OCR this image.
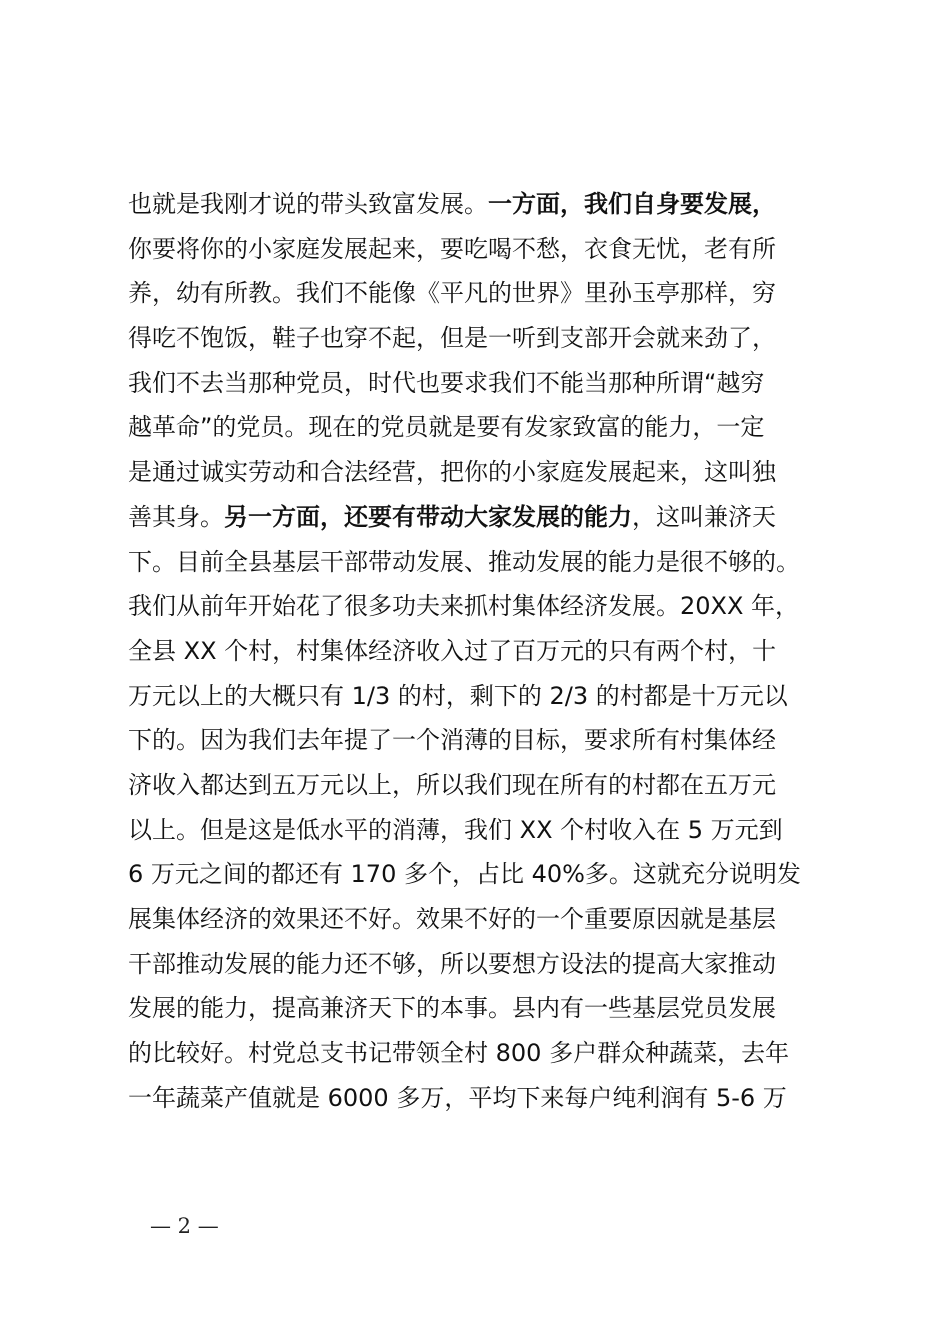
也就是我刚才说的带头致富发展。一方面，我们自身要发展，
你要将你的小家庭发展起来，要吃喝不愁，衣食无忧，老有所
养，幼有所教。我们不能像《平凡的世界》里孙玉亭那样，穷
得吃不饱饭，鞋子也穿不起，但是一听到支部开会就来劲了，
我们不去当那种党员，时代也要求我们不能当那种所谓“越穷
越革命”的党员。现在的党员就是要有发家致富的能力，一定
是通过诚实劳动和合法经营，把你的小家庭发展起来，这叫独
善其身。另一方面，还要有带动大家发展的能力，这叫兼济天
下。目前全县基层干部带动发展、推动发展的能力是很不够的。
我们从前年开始花了很多功夫来抓村集体经济发展。20XX 年，
全县 XX 个村，村集体经济收入过了百万元的只有两个村，十
万元以上的大概只有 1/3 的村，剩下的 2/3 的村都是十万元以
下的。因为我们去年提了一个消薄的目标，要求所有村集体经
济收入都达到五万元以上，所以我们现在所有的村都在五万元
以上。但是这是低水平的消薄，我们 XX 个村收入在 5 万元到
6 万元之间的都还有 170 多个，占比 40%多。这就充分说明发
展集体经济的效果还不好。效果不好的一个重要原因就是基层
干部推动发展的能力还不够，所以要想方设法的提高大家推动
发展的能力，提高兼济天下的本事。县内有一些基层党员发展
的比较好。村党总支书记带领全村 800 多户群众种蔬菜，去年
一年蔬菜产值就是 6000 多万，平均下来每户纯利润有 5-6 万
— 2 —
